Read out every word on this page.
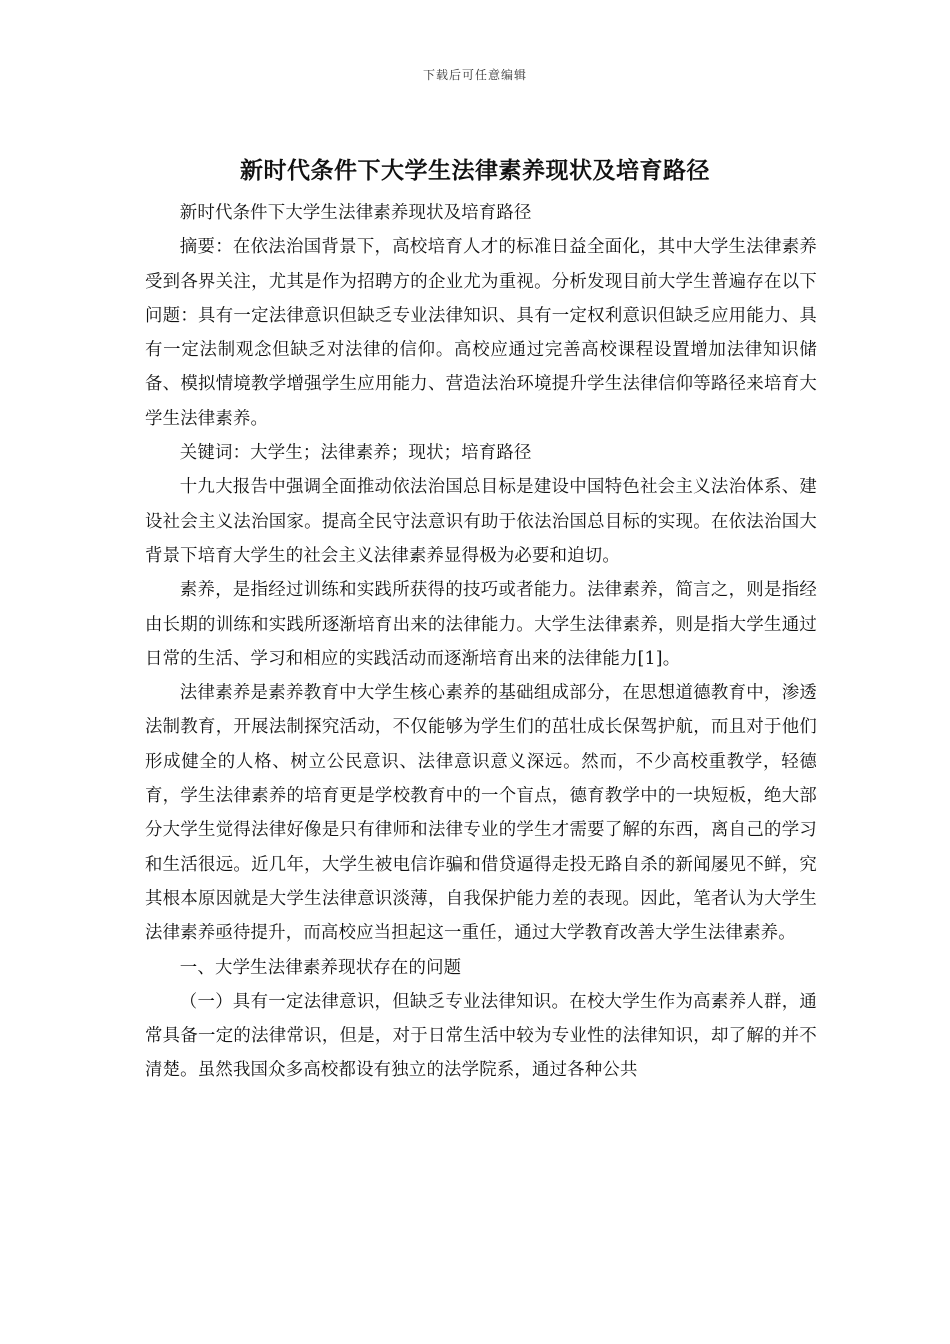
下载后可任意编辑
新时代条件下大学生法律素养现状及培育路径

新时代条件下大学生法律素养现状及培育路径

摘要：在依法治国背景下，高校培育人才的标准日益全面化，其中大学生法律素养受到各界关注，尤其是作为招聘方的企业尤为重视。分析发现目前大学生普遍存在以下问题：具有一定法律意识但缺乏专业法律知识、具有一定权利意识但缺乏应用能力、具有一定法制观念但缺乏对法律的信仰。高校应通过完善高校课程设置增加法律知识储备、模拟情境教学增强学生应用能力、营造法治环境提升学生法律信仰等路径来培育大学生法律素养。

关键词：大学生；法律素养；现状；培育路径

十九大报告中强调全面推动依法治国总目标是建设中国特色社会主义法治体系、建设社会主义法治国家。提高全民守法意识有助于依法治国总目标的实现。在依法治国大背景下培育大学生的社会主义法律素养显得极为必要和迫切。

素养，是指经过训练和实践所获得的技巧或者能力。法律素养，简言之，则是指经由长期的训练和实践所逐渐培育出来的法律能力。大学生法律素养，则是指大学生通过日常的生活、学习和相应的实践活动而逐渐培育出来的法律能力[1]。

法律素养是素养教育中大学生核心素养的基础组成部分，在思想道德教育中，渗透法制教育，开展法制探究活动，不仅能够为学生们的茁壮成长保驾护航，而且对于他们形成健全的人格、树立公民意识、法律意识意义深远。然而，不少高校重教学，轻德育，学生法律素养的培育更是学校教育中的一个盲点，德育教学中的一块短板，绝大部分大学生觉得法律好像是只有律师和法律专业的学生才需要了解的东西，离自己的学习和生活很远。近几年，大学生被电信诈骗和借贷逼得走投无路自杀的新闻屡见不鲜，究其根本原因就是大学生法律意识淡薄，自我保护能力差的表现。因此，笔者认为大学生法律素养亟待提升，而高校应当担起这一重任，通过大学教育改善大学生法律素养。

一、大学生法律素养现状存在的问题

（一）具有一定法律意识，但缺乏专业法律知识。在校大学生作为高素养人群，通常具备一定的法律常识，但是，对于日常生活中较为专业性的法律知识，却了解的并不清楚。虽然我国众多高校都设有独立的法学院系，通过各种公共
